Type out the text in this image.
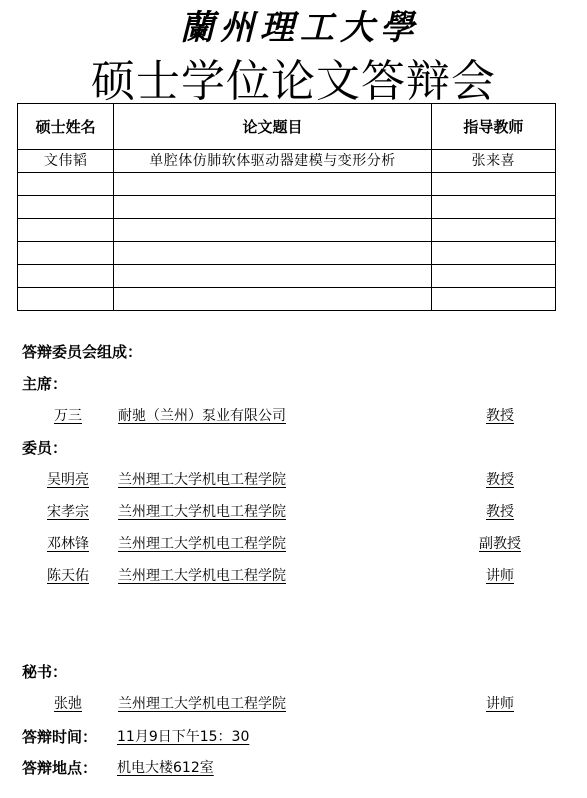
蘭州理工大學
硕士学位论文答辩会
硕士姓名	论文题目	指导教师
文伟韬	单腔体仿肺软体驱动器建模与变形分析	张来喜

答辩委员会组成：
主席：
万三	耐驰（兰州）泵业有限公司	教授
委员：
吴明亮	兰州理工大学机电工程学院	教授
宋孝宗	兰州理工大学机电工程学院	教授
邓林锋	兰州理工大学机电工程学院	副教授
陈天佑	兰州理工大学机电工程学院	讲师
秘书：
张弛	兰州理工大学机电工程学院	讲师
答辩时间： 11月9日下午15：30
答辩地点： 机电大楼612室
